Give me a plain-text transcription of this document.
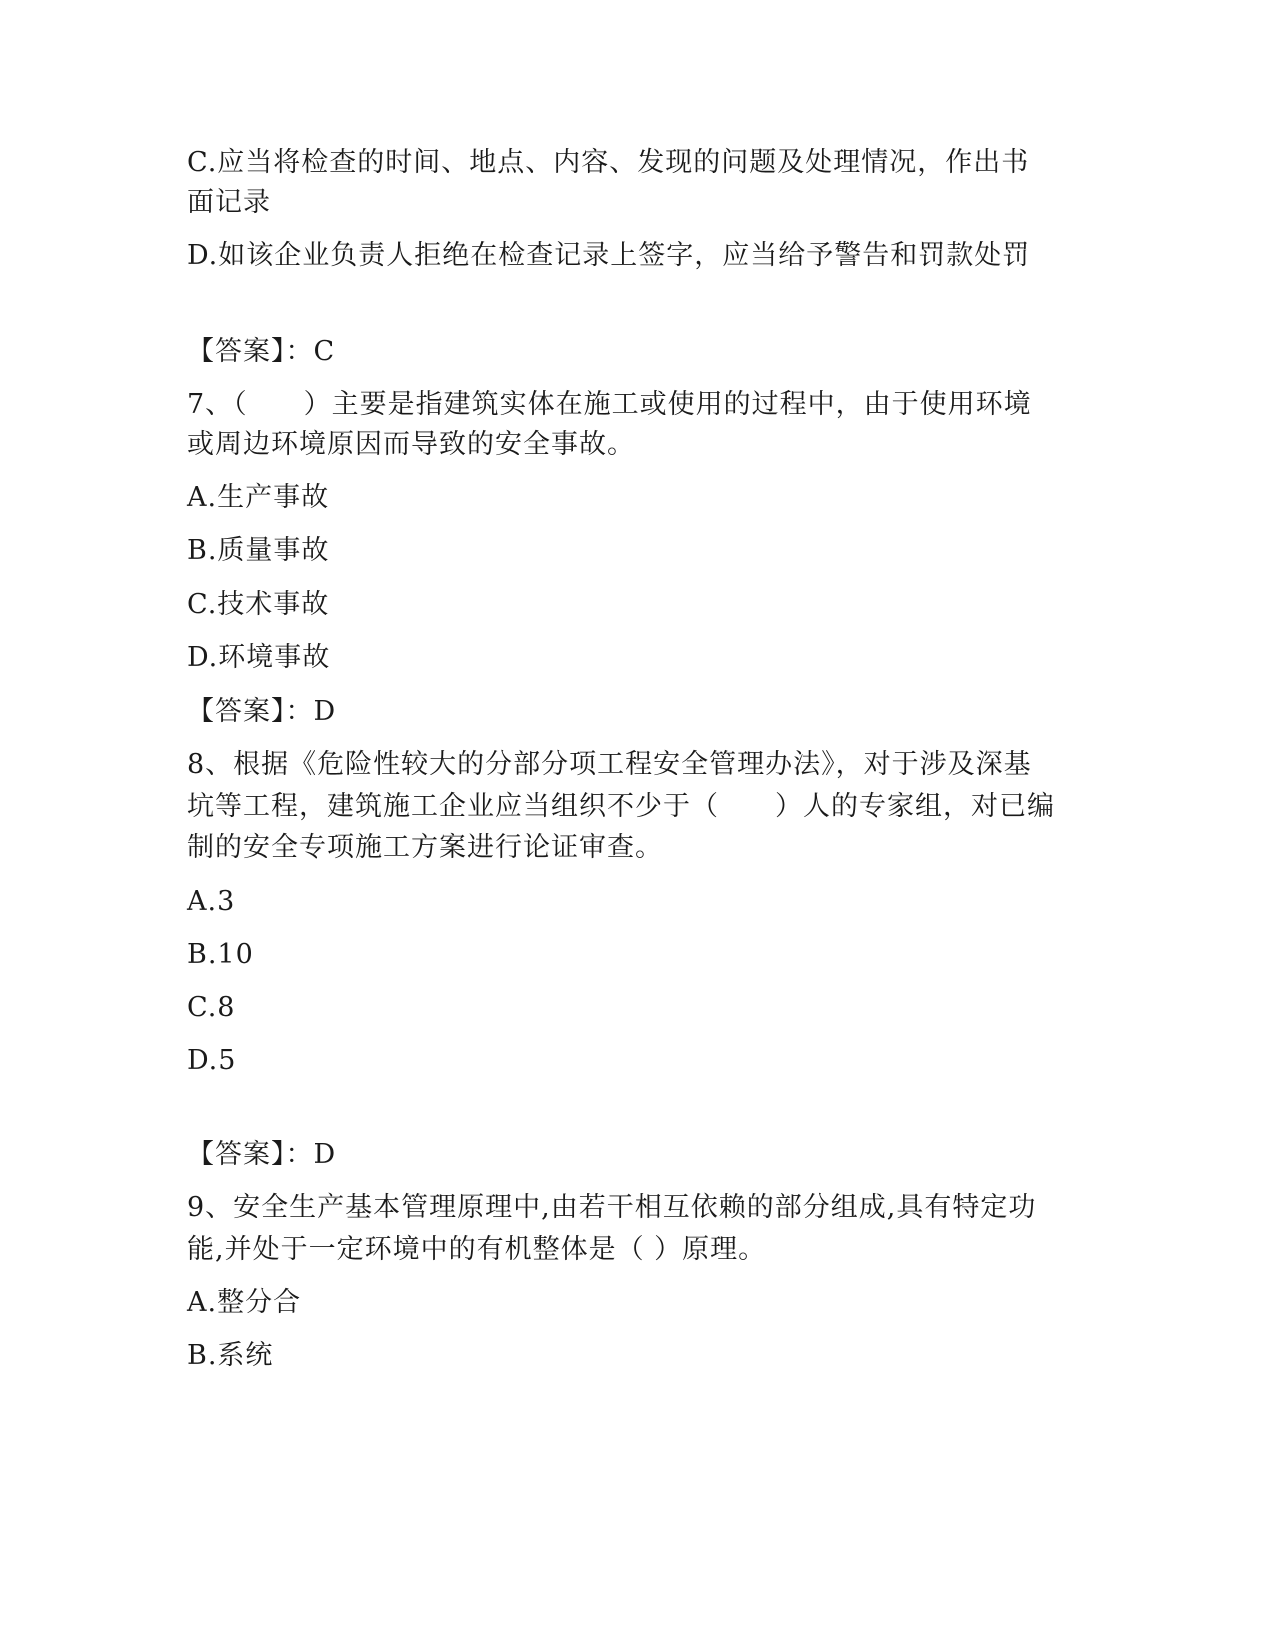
C.应当将检查的时间、地点、内容、发现的问题及处理情况，作出书
面记录
D.如该企业负责人拒绝在检查记录上签字，应当给予警告和罚款处罚
【答案】：C
7、（　　）主要是指建筑实体在施工或使用的过程中，由于使用环境
或周边环境原因而导致的安全事故。
A.生产事故
B.质量事故
C.技术事故
D.环境事故
【答案】：D
8、根据《危险性较大的分部分项工程安全管理办法》，对于涉及深基
坑等工程，建筑施工企业应当组织不少于（　　）人的专家组，对已编
制的安全专项施工方案进行论证审查。
A.3
B.10
C.8
D.5
【答案】：D
9、安全生产基本管理原理中,由若干相互依赖的部分组成,具有特定功
能,并处于一定环境中的有机整体是（ ）原理。
A.整分合
B.系统
